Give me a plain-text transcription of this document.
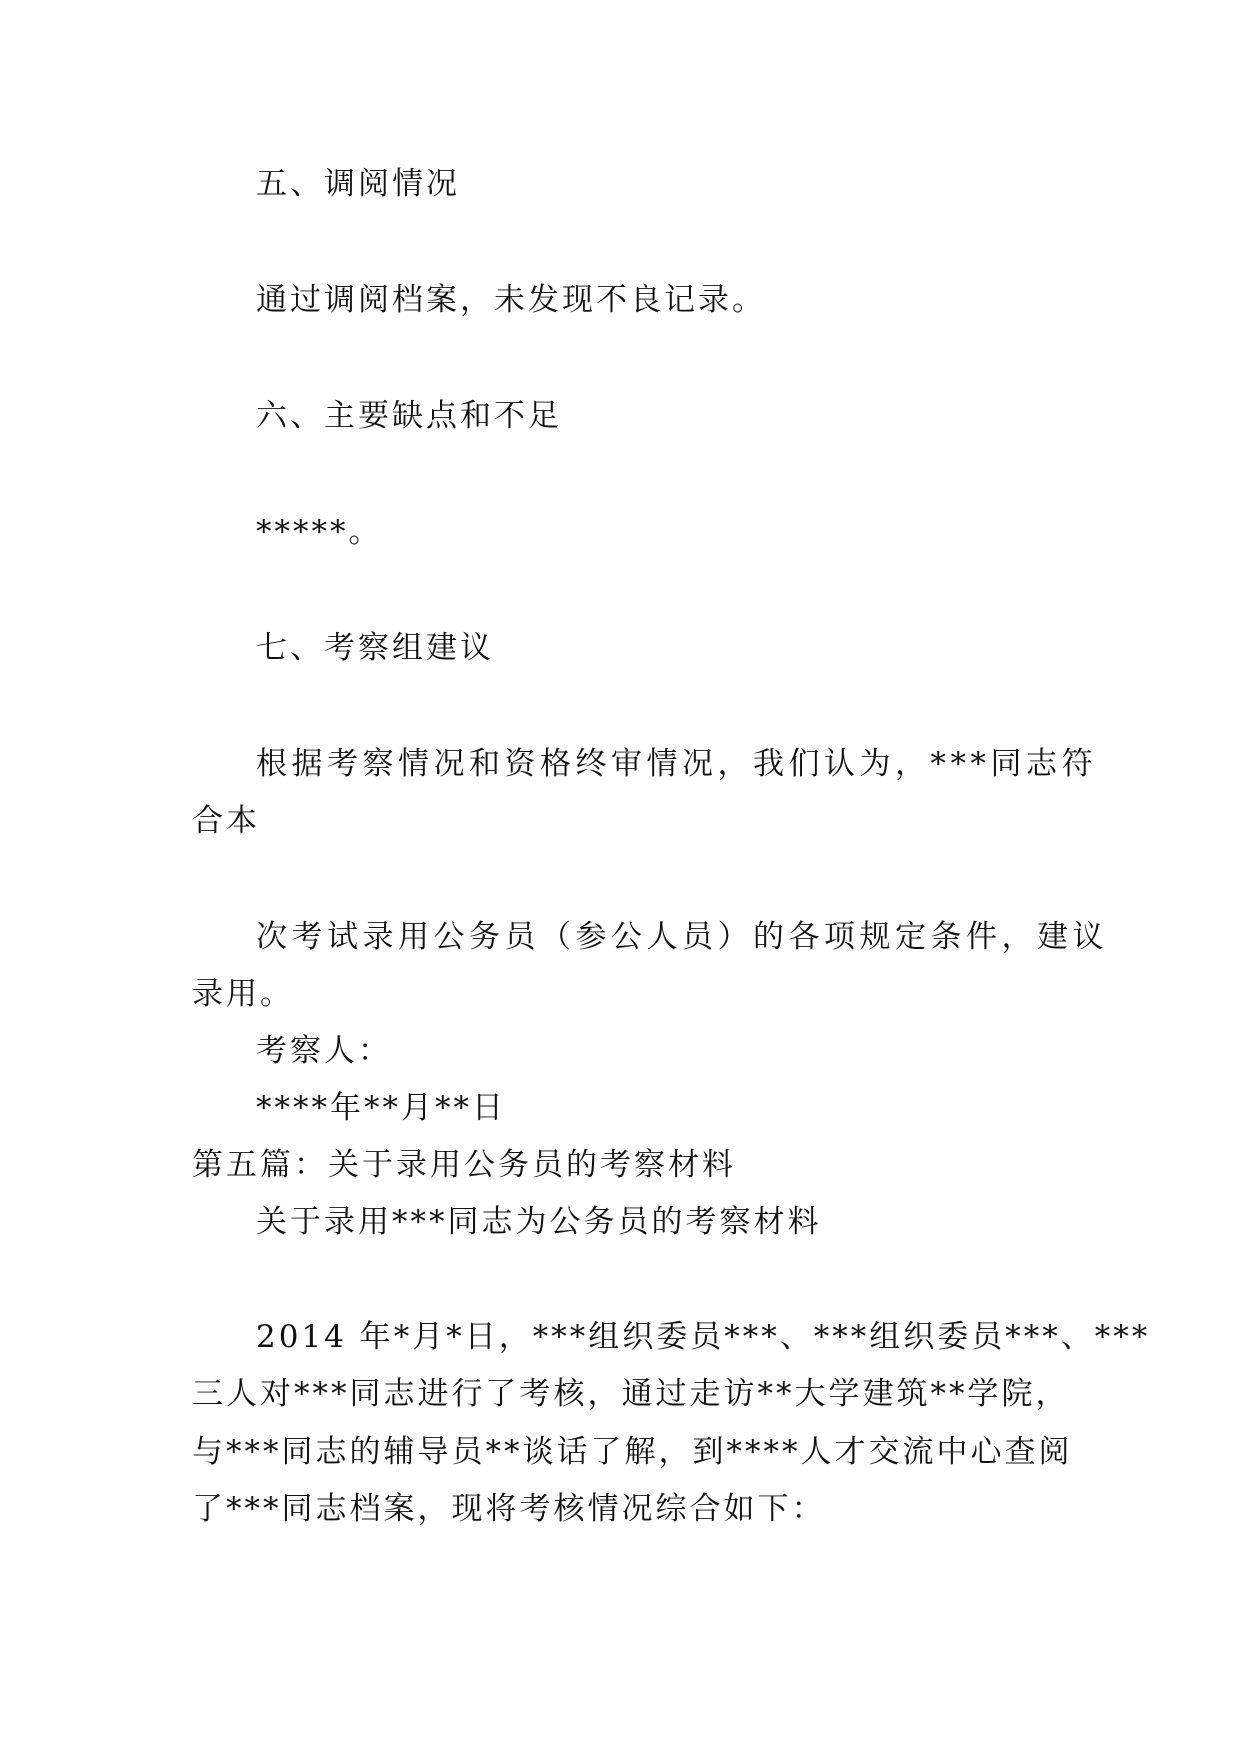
五、调阅情况
通过调阅档案，未发现不良记录。
六、主要缺点和不足
*****。
七、考察组建议
根据考察情况和资格终审情况，我们认为，***同志符
合本
次考试录用公务员（参公人员）的各项规定条件，建议
录用。
考察人：
****年**月**日
第五篇：关于录用公务员的考察材料
关于录用***同志为公务员的考察材料
2014 年*月*日，***组织委员***、***组织委员***、***
三人对***同志进行了考核，通过走访**大学建筑**学院，
与***同志的辅导员**谈话了解，到****人才交流中心查阅
了***同志档案，现将考核情况综合如下：
